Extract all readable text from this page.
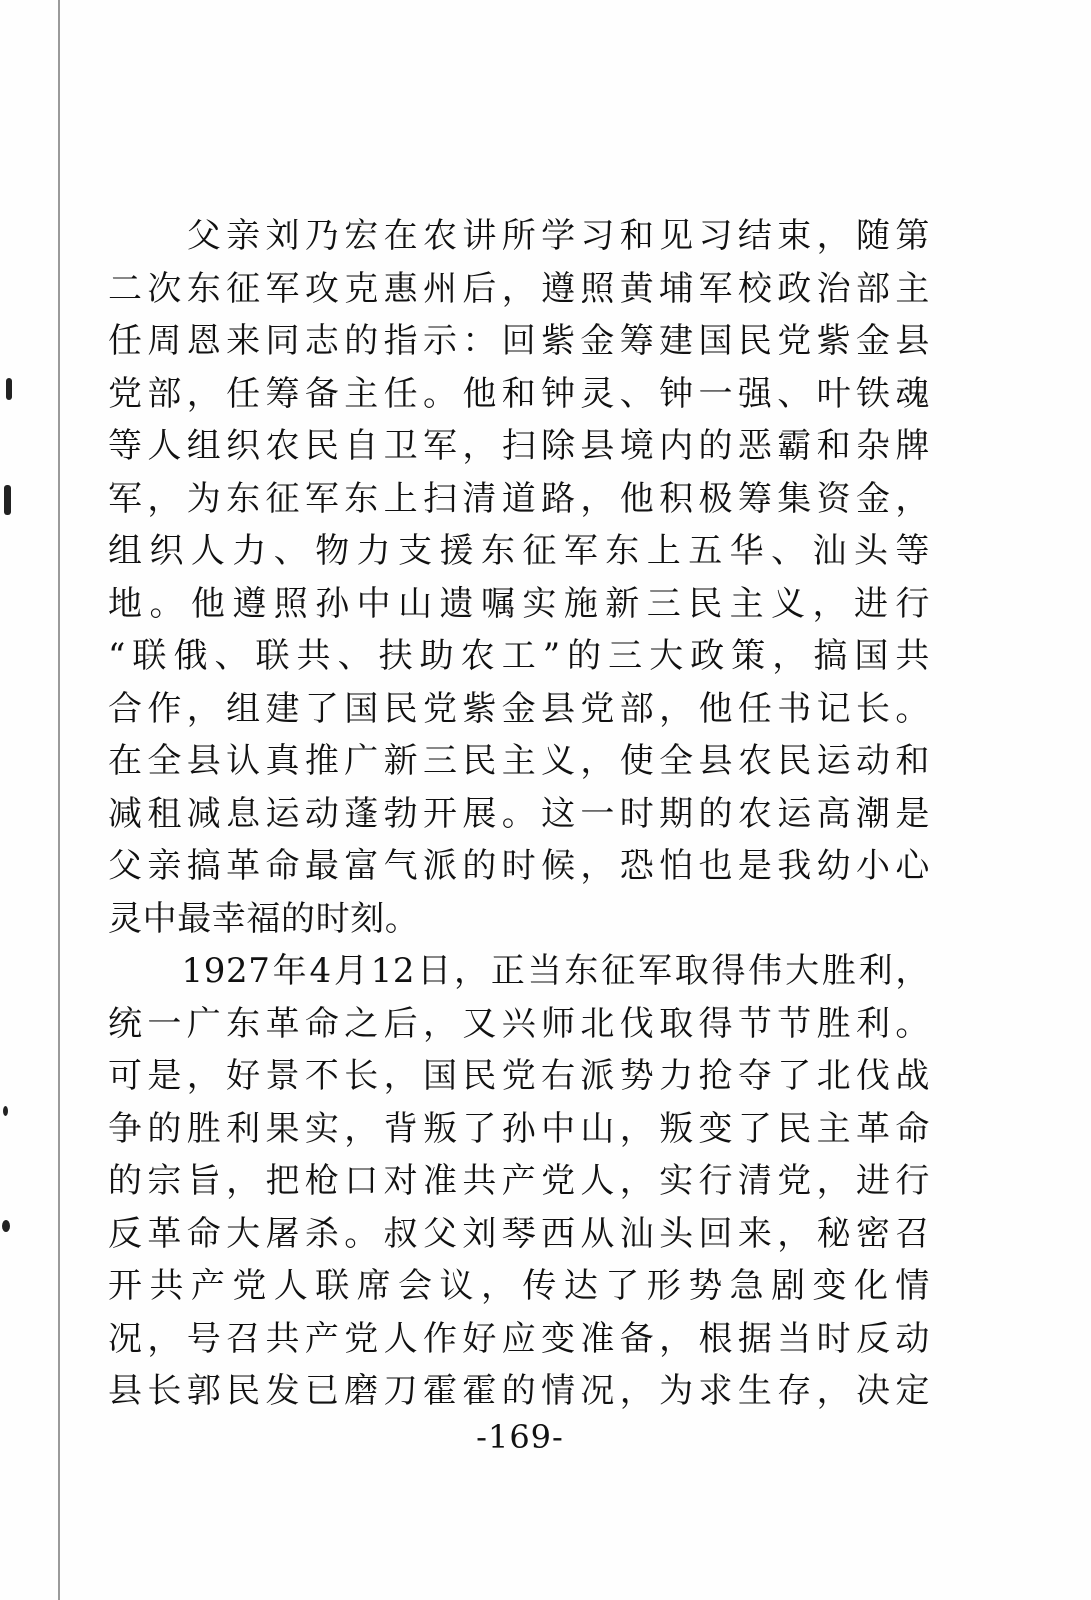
　　父亲刘乃宏在农讲所学习和见习结束，随第
二次东征军攻克惠州后，遵照黄埔军校政治部主
任周恩来同志的指示：回紫金筹建国民党紫金县
党部，任筹备主任。他和钟灵、钟一强、叶铁魂
等人组织农民自卫军，扫除县境内的恶霸和杂牌
军，为东征军东上扫清道路，他积极筹集资金，
组织人力、物力支援东征军东上五华、汕头等
地。他遵照孙中山遗嘱实施新三民主义，进行
“联俄、联共、扶助农工”的三大政策，搞国共
合作，组建了国民党紫金县党部，他任书记长。
在全县认真推广新三民主义，使全县农民运动和
减租减息运动蓬勃开展。这一时期的农运高潮是
父亲搞革命最富气派的时候，恐怕也是我幼小心
灵中最幸福的时刻。
　　1927年4月12日，正当东征军取得伟大胜利，
统一广东革命之后，又兴师北伐取得节节胜利。
可是，好景不长，国民党右派势力抢夺了北伐战
争的胜利果实，背叛了孙中山，叛变了民主革命
的宗旨，把枪口对准共产党人，实行清党，进行
反革命大屠杀。叔父刘琴西从汕头回来，秘密召
开共产党人联席会议，传达了形势急剧变化情
况，号召共产党人作好应变准备，根据当时反动
县长郭民发已磨刀霍霍的情况，为求生存，决定
-169-
